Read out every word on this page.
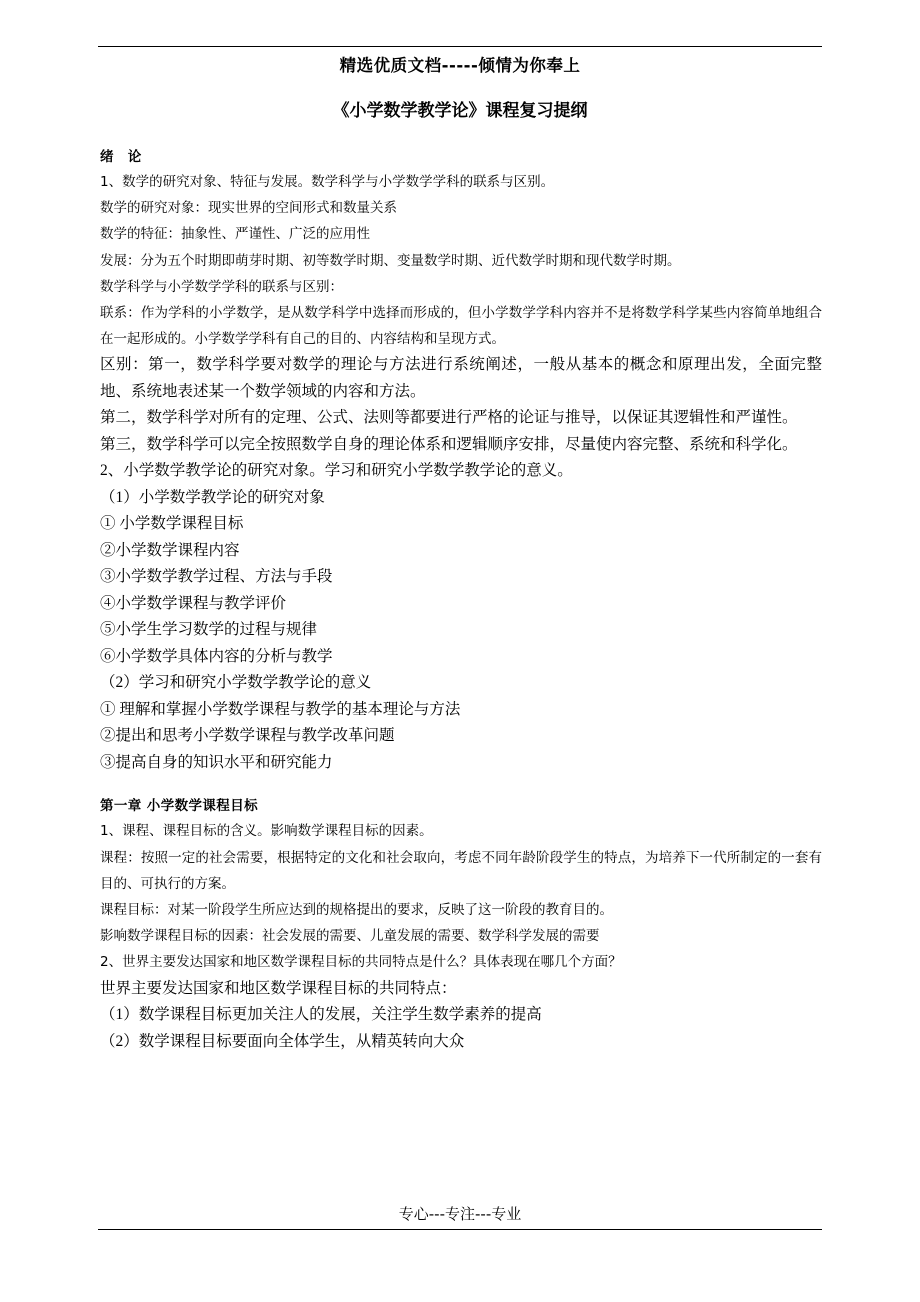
精选优质文档-----倾情为你奉上
《小学数学教学论》课程复习提纲
绪　论

1、数学的研究对象、特征与发展。数学科学与小学数学学科的联系与区别。

数学的研究对象：现实世界的空间形式和数量关系

数学的特征：抽象性、严谨性、广泛的应用性

发展：分为五个时期即萌芽时期、初等数学时期、变量数学时期、近代数学时期和现代数学时期。

数学科学与小学数学学科的联系与区别：

联系：作为学科的小学数学，是从数学科学中选择而形成的，但小学数学学科内容并不是将数学科学某些内容简单地组合在一起形成的。小学数学学科有自己的目的、内容结构和呈现方式。

区别：第一，数学科学要对数学的理论与方法进行系统阐述，一般从基本的概念和原理出发，全面完整地、系统地表述某一个数学领域的内容和方法。

第二，数学科学对所有的定理、公式、法则等都要进行严格的论证与推导，以保证其逻辑性和严谨性。

第三，数学科学可以完全按照数学自身的理论体系和逻辑顺序安排，尽量使内容完整、系统和科学化。

2、小学数学教学论的研究对象。学习和研究小学数学教学论的意义。

（1）小学数学教学论的研究对象

① 小学数学课程目标

②小学数学课程内容

③小学数学教学过程、方法与手段

④小学数学课程与教学评价

⑤小学生学习数学的过程与规律

⑥小学数学具体内容的分析与教学

（2）学习和研究小学数学教学论的意义

① 理解和掌握小学数学课程与教学的基本理论与方法

②提出和思考小学数学课程与教学改革问题

③提高自身的知识水平和研究能力

第一章 小学数学课程目标

1、课程、课程目标的含义。影响数学课程目标的因素。

课程：按照一定的社会需要，根据特定的文化和社会取向，考虑不同年龄阶段学生的特点，为培养下一代所制定的一套有目的、可执行的方案。

课程目标：对某一阶段学生所应达到的规格提出的要求，反映了这一阶段的教育目的。

影响数学课程目标的因素：社会发展的需要、儿童发展的需要、数学科学发展的需要

2、世界主要发达国家和地区数学课程目标的共同特点是什么？具体表现在哪几个方面？

世界主要发达国家和地区数学课程目标的共同特点：

（1）数学课程目标更加关注人的发展，关注学生数学素养的提高

（2）数学课程目标要面向全体学生，从精英转向大众

专心---专注---专业
